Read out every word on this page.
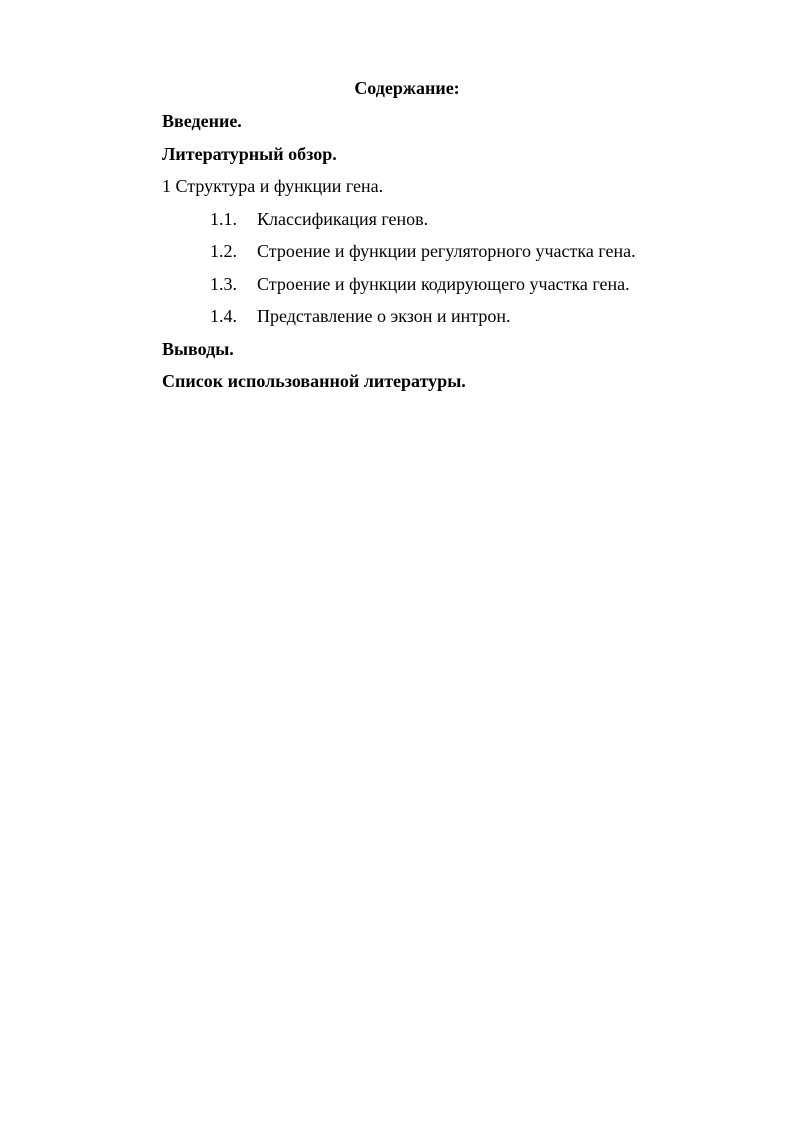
Содержание:
Введение.
Литературный обзор.
1 Структура и функции гена.
1.1.	Классификация генов.
1.2.	Строение и функции регуляторного участка гена.
1.3.	Строение и функции кодирующего участка гена.
1.4.	Представление о экзон и интрон.
Выводы.
Список использованной литературы.
